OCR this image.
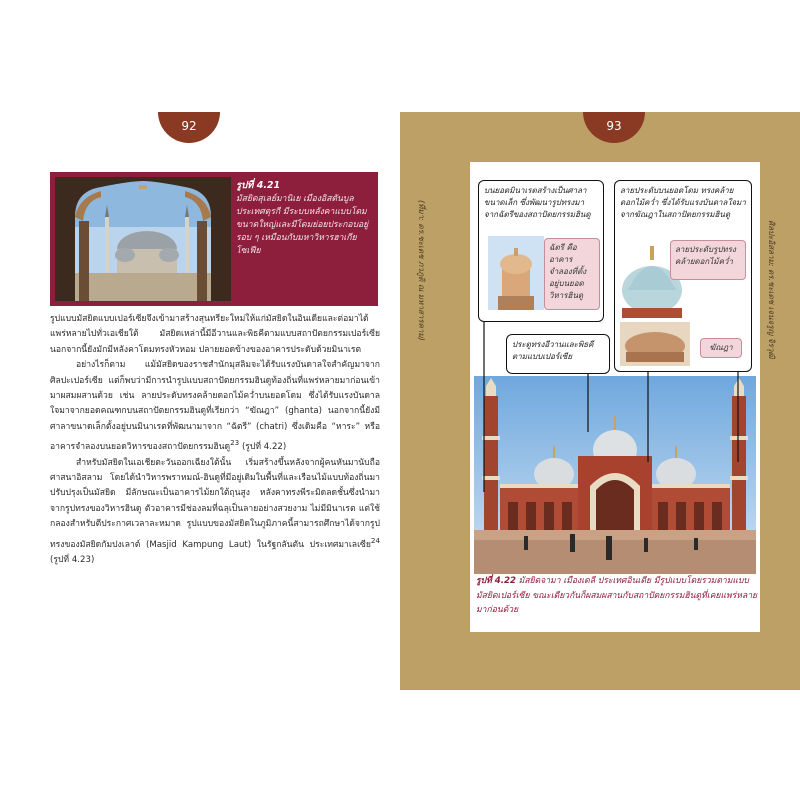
92
รูปที่ 4.21
มัสยิดสุเลย์มานิเย เมืองอิสตันบูล ประเทศตุรกี มีระบบหลังคาแบบโดมขนาดใหญ่และมีโดมย่อยประกอบอยู่รอบ ๆ เหมือนกับมหาวิหารฮาเกียโซเฟีย

รูปแบบมัสยิดแบบเปอร์เซียจึงเข้ามาสร้างสุนทรียะใหม่ให้แก่มัสยิดในอินเดียและต่อมาได้แพร่หลายไปทั่วเอเชียใต้ มัสยิดเหล่านี้มีอีวานและพิธคีตามแบบสถาปัตยกรรมเปอร์เซีย นอกจากนี้ยังมักมีหลังคาโดมทรงหัวหอม ปลายยอดข้างของอาคารประดับด้วยมินาเรต

อย่างไรก็ตาม แม้มัสยิดของราชสำนักมุสลิมจะได้รับแรงบันดาลใจสำคัญมาจากศิลปะเปอร์เซีย แต่ก็พบว่ามีการนำรูปแบบสถาปัตยกรรมฮินดูท้องถิ่นที่แพร่หลายมาก่อนเข้ามาผสมผสานด้วย เช่น ลายประดับทรงคล้ายดอกไม้คว่ำบนยอดโดม ซึ่งได้รับแรงบันดาลใจมาจากยอดคณฑกบนสถาปัตยกรรมฮินดูที่เรียกว่า “ฆัณฎา” (ghanta) นอกจากนี้ยังมีศาลาขนาดเล็กตั้งอยู่บนมินาเรตที่พัฒนามาจาก “ฉัตรี” (chatri) ซึ่งเดิมคือ “หาระ” หรืออาคารจำลองบนยอดวิหารของสถาปัตยกรรมฮินดู$^{23}$ (รูปที่ 4.22)

สำหรับมัสยิดในเอเชียตะวันออกเฉียงใต้นั้น เริ่มสร้างขึ้นหลังจากผู้คนหันมานับถือศาสนาอิสลาม โดยได้นำวิหารพราหมณ์-ฮินดูที่มีอยู่เดิมในพื้นที่และเรือนไม้แบบท้องถิ่นมาปรับปรุงเป็นมัสยิด มีลักษณะเป็นอาคารไม้ยกใต้ถุนสูง หลังคาทรงพีระมิดลดชั้นซึ่งนำมาจากรูปทรงของวิหารฮินดู ตัวอาคารมีช่องลมที่ฉลุเป็นลายอย่างสวยงาม ไม่มีมินาเรต แต่ใช้กลองสำหรับตีประกาศเวลาละหมาด รูปแบบของมัสยิดในภูมิภาคนี้สามารถศึกษาได้จากรูปทรงของมัสยิดกัมปงเลาต์ (Masjid Kampung Laut) ในรัฐกลันตัน ประเทศมาเลเซีย$^{24}$ (รูปที่ 4.23)

93
บนยอดมินาเรตสร้างเป็นศาลาขนาดเล็ก ซึ่งพัฒนารูปทรงมาจากฉัตรีของสถาปัตยกรรมฮินดู
ฉัตรี คืออาคารจำลองที่ตั้งอยู่บนยอดวิหารฮินดู
ลายประดับบนยอดโดม ทรงคล้ายดอกไม้คว่ำ ซึ่งได้รับแรงบันดาลใจมาจากฆัณฎาในสถาปัตยกรรมฮินดู
ลายประดับรูปทรงคล้ายดอกไม้คว่ำ
ฆัณฎา
ประตูทรงอีวานและพิธคีตามแบบเปอร์เซีย
รูปที่ 4.22 มัสยิดจามา เมืองเดลี ประเทศอินเดีย มีรูปแบบโดยรวมตามแบบมัสยิดเปอร์เซีย ขณะเดียวกันก็ผสมผสานกับสถาปัตยกรรมฮินดูที่เคยแพร่หลายมาก่อนด้วย
(ที่มา: ดร.ชะเดช ภวภูติ ณ มหาสารคาม)	ศิลปะอิสลาม: ดร.ชะเดช เจนจรูญ จิรวุฒิ
